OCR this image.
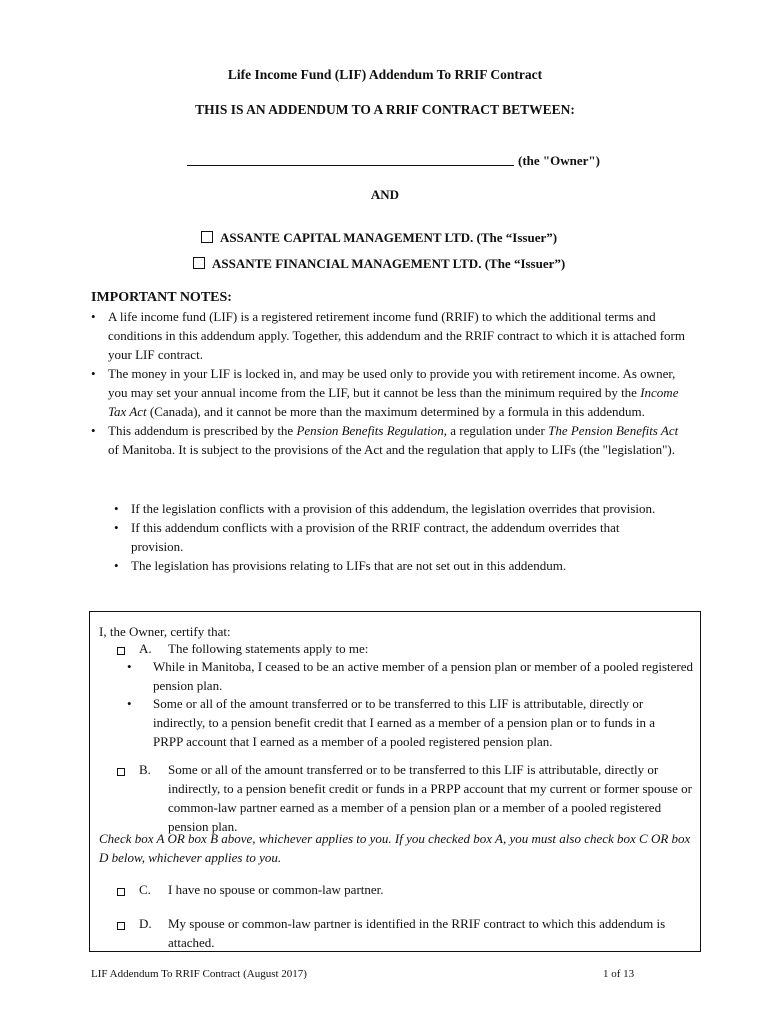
Life Income Fund (LIF) Addendum To RRIF Contract
THIS IS AN ADDENDUM TO A RRIF CONTRACT BETWEEN:
(the "Owner")
AND
ASSANTE CAPITAL MANAGEMENT LTD. (The “Issuer”)
ASSANTE FINANCIAL MANAGEMENT LTD. (The “Issuer”)
IMPORTANT NOTES:
• A life income fund (LIF) is a registered retirement income fund (RRIF) to which the additional terms and conditions in this addendum apply. Together, this addendum and the RRIF contract to which it is attached form your LIF contract.
• The money in your LIF is locked in, and may be used only to provide you with retirement income. As owner, you may set your annual income from the LIF, but it cannot be less than the minimum required by the Income Tax Act (Canada), and it cannot be more than the maximum determined by a formula in this addendum.
• This addendum is prescribed by the Pension Benefits Regulation, a regulation under The Pension Benefits Act of Manitoba. It is subject to the provisions of the Act and the regulation that apply to LIFs (the "legislation").
• If the legislation conflicts with a provision of this addendum, the legislation overrides that provision.
• If this addendum conflicts with a provision of the RRIF contract, the addendum overrides that provision.
• The legislation has provisions relating to LIFs that are not set out in this addendum.
I, the Owner, certify that:
A. The following statements apply to me:
• While in Manitoba, I ceased to be an active member of a pension plan or member of a pooled registered pension plan.
• Some or all of the amount transferred or to be transferred to this LIF is attributable, directly or indirectly, to a pension benefit credit that I earned as a member of a pension plan or to funds in a PRPP account that I earned as a member of a pooled registered pension plan.
B. Some or all of the amount transferred or to be transferred to this LIF is attributable, directly or indirectly, to a pension benefit credit or funds in a PRPP account that my current or former spouse or common-law partner earned as a member of a pension plan or a member of a pooled registered pension plan.
Check box A OR box B above, whichever applies to you. If you checked box A, you must also check box C OR box D below, whichever applies to you.
C. I have no spouse or common-law partner.
D. My spouse or common-law partner is identified in the RRIF contract to which this addendum is attached.
LIF Addendum To RRIF Contract (August 2017)	1 of 13
